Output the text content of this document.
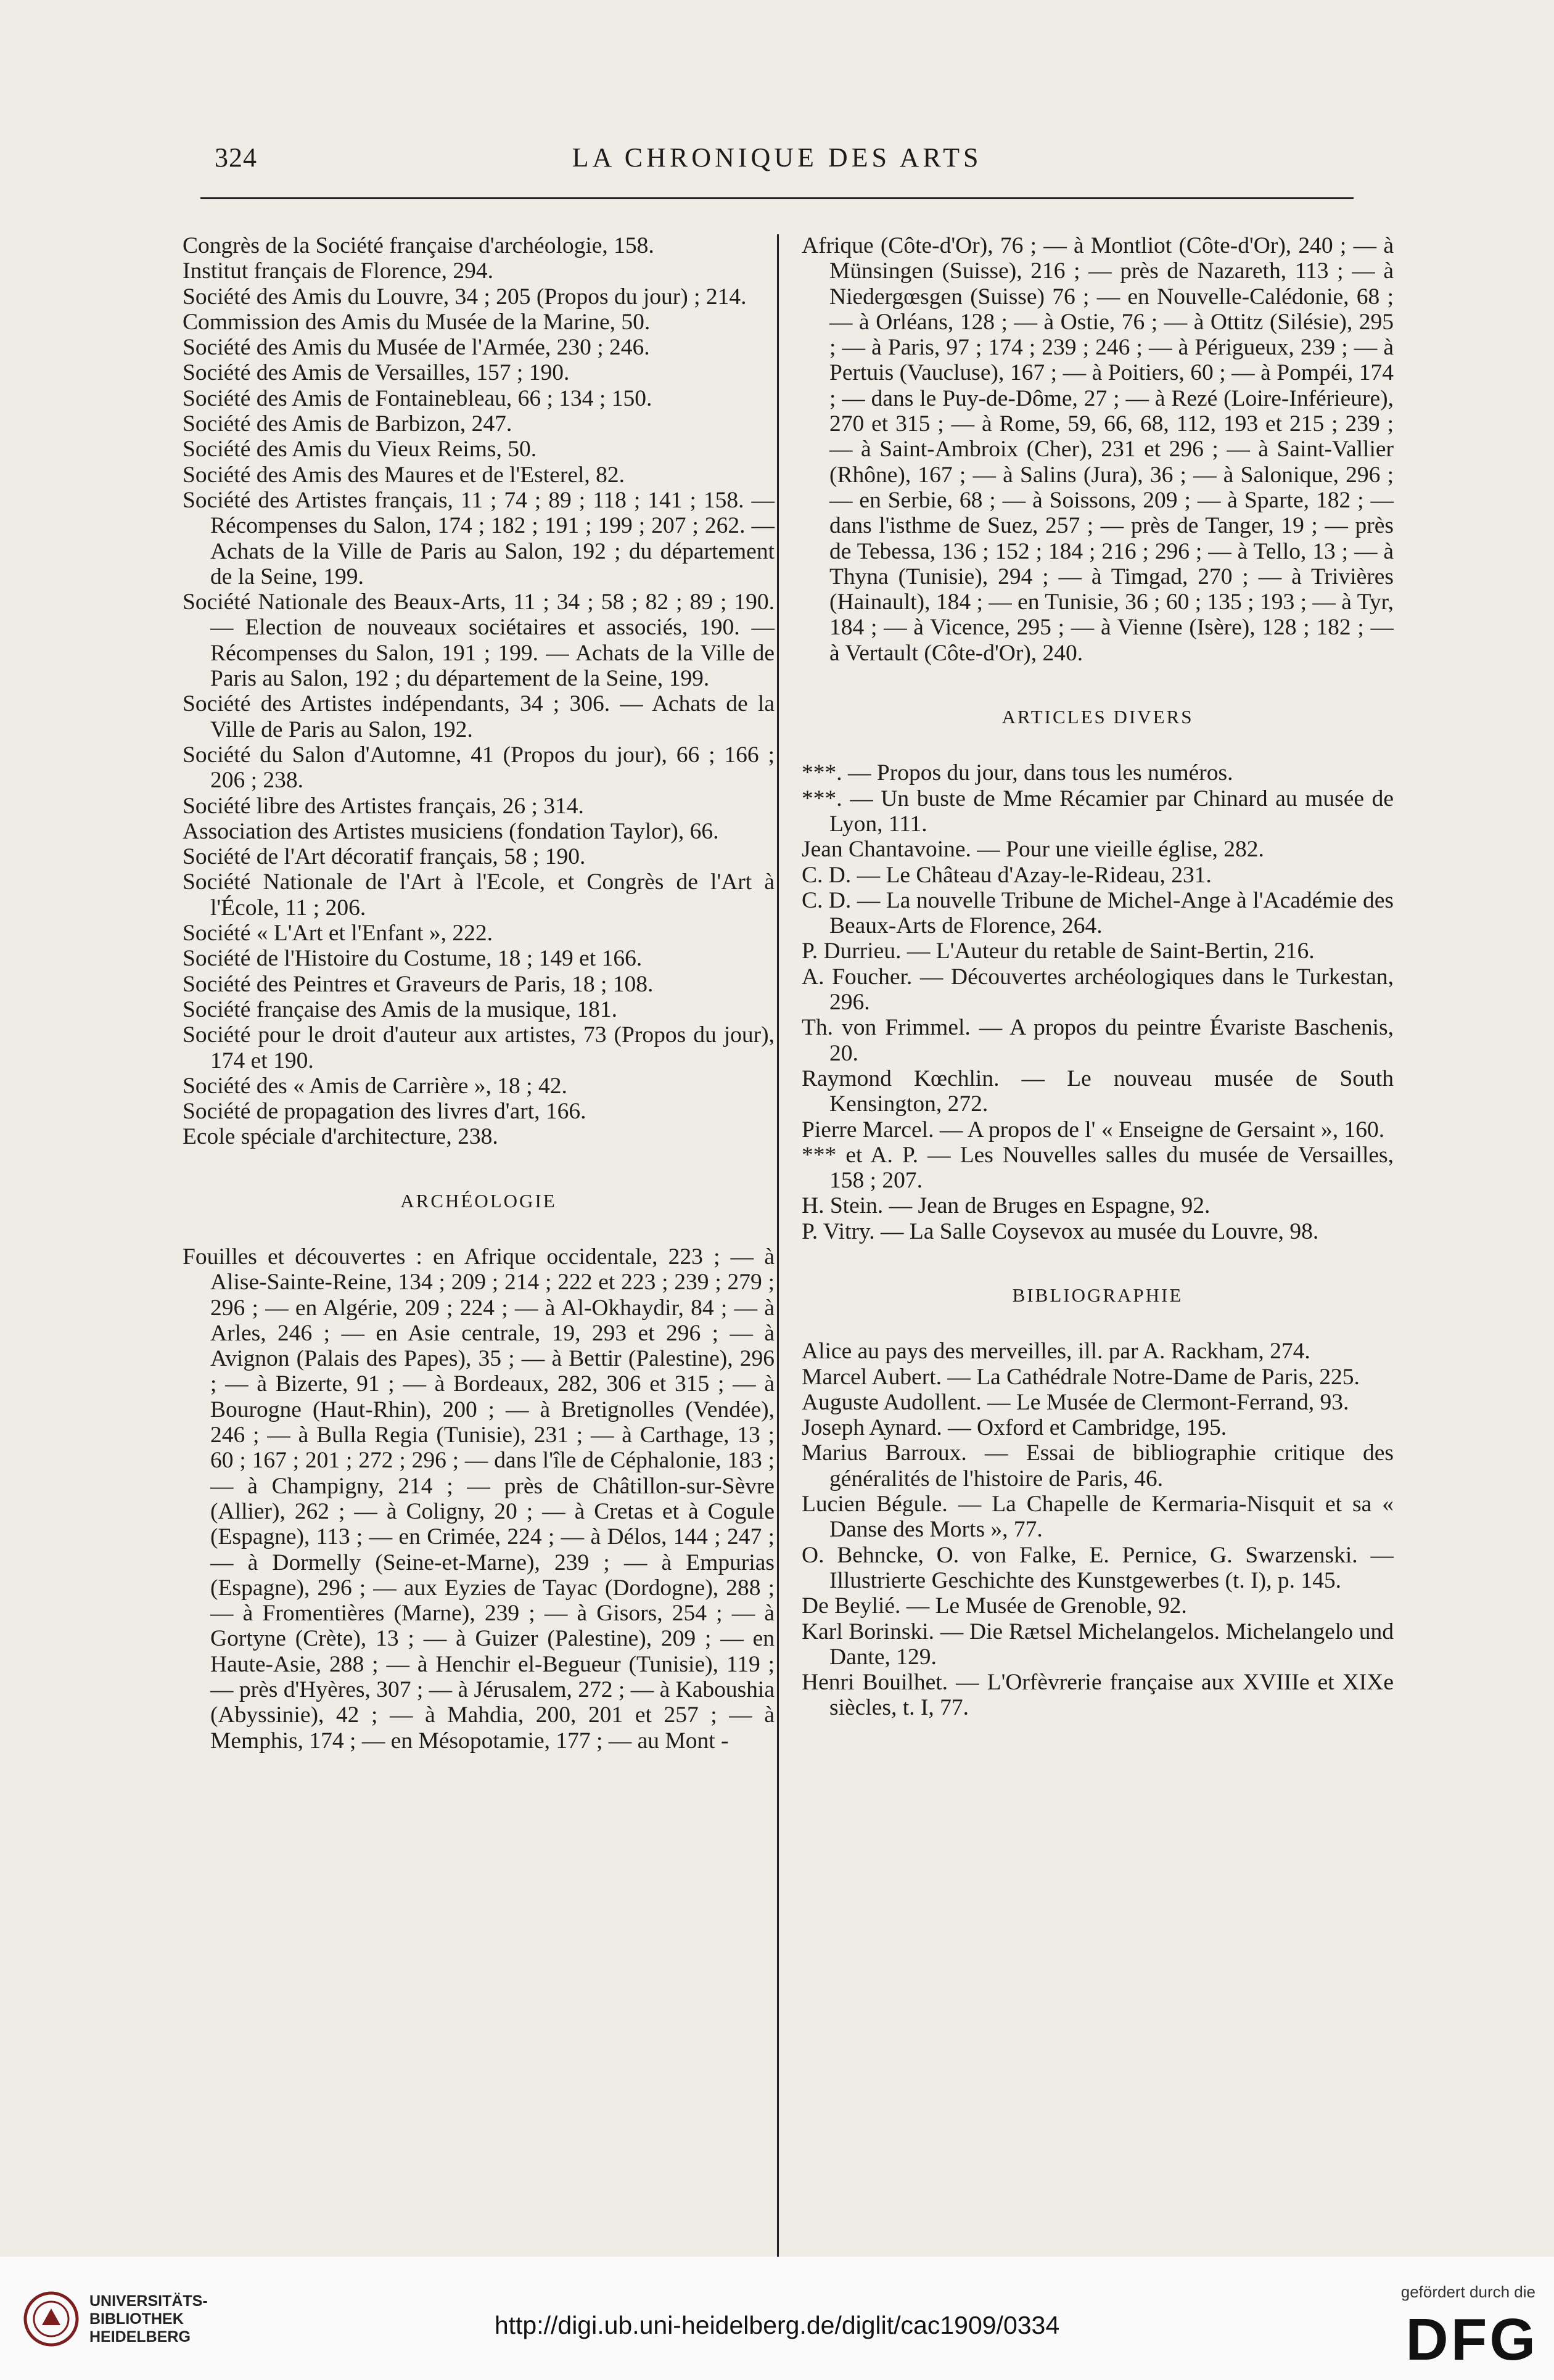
324	LA CHRONIQUE DES ARTS
Congrès de la Société française d'archéologie, 158.
Institut français de Florence, 294.
Société des Amis du Louvre, 34 ; 205 (Propos du jour) ; 214.
Commission des Amis du Musée de la Marine, 50.
Société des Amis du Musée de l'Armée, 230 ; 246.
Société des Amis de Versailles, 157 ; 190.
Société des Amis de Fontainebleau, 66 ; 134 ; 150.
Société des Amis de Barbizon, 247.
Société des Amis du Vieux Reims, 50.
Société des Amis des Maures et de l'Esterel, 82.
Société des Artistes français, 11 ; 74 ; 89 ; 118 ; 141 ; 158. — Récompenses du Salon, 174 ; 182 ; 191 ; 199 ; 207 ; 262. — Achats de la Ville de Paris au Salon, 192 ; du département de la Seine, 199.
Société Nationale des Beaux-Arts, 11 ; 34 ; 58 ; 82 ; 89 ; 190. — Election de nouveaux sociétaires et associés, 190. — Récompenses du Salon, 191 ; 199. — Achats de la Ville de Paris au Salon, 192 ; du département de la Seine, 199.
Société des Artistes indépendants, 34 ; 306. — Achats de la Ville de Paris au Salon, 192.
Société du Salon d'Automne, 41 (Propos du jour), 66 ; 166 ; 206 ; 238.
Société libre des Artistes français, 26 ; 314.
Association des Artistes musiciens (fondation Taylor), 66.
Société de l'Art décoratif français, 58 ; 190.
Société Nationale de l'Art à l'Ecole, et Congrès de l'Art à l'École, 11 ; 206.
Société « L'Art et l'Enfant », 222.
Société de l'Histoire du Costume, 18 ; 149 et 166.
Société des Peintres et Graveurs de Paris, 18 ; 108.
Société française des Amis de la musique, 181.
Société pour le droit d'auteur aux artistes, 73 (Propos du jour), 174 et 190.
Société des « Amis de Carrière », 18 ; 42.
Société de propagation des livres d'art, 166.
Ecole spéciale d'architecture, 238.
ARCHÉOLOGIE
Fouilles et découvertes : en Afrique occidentale, 223 ; — à Alise-Sainte-Reine, 134 ; 209 ; 214 ; 222 et 223 ; 239 ; 279 ; 296 ; — en Algérie, 209 ; 224 ; — à Al-Okhaydir, 84 ; — à Arles, 246 ; — en Asie centrale, 19, 293 et 296 ; — à Avignon (Palais des Papes), 35 ; — à Bettir (Palestine), 296 ; — à Bizerte, 91 ; — à Bordeaux, 282, 306 et 315 ; — à Bourogne (Haut-Rhin), 200 ; — à Bretignolles (Vendée), 246 ; — à Bulla Regia (Tunisie), 231 ; — à Carthage, 13 ; 60 ; 167 ; 201 ; 272 ; 296 ; — dans l'île de Céphalonie, 183 ; — à Champigny, 214 ; — près de Châtillon-sur-Sèvre (Allier), 262 ; — à Coligny, 20 ; — à Cretas et à Cogule (Espagne), 113 ; — en Crimée, 224 ; — à Délos, 144 ; 247 ; — à Dormelly (Seine-et-Marne), 239 ; — à Empurias (Espagne), 296 ; — aux Eyzies de Tayac (Dordogne), 288 ; — à Fromentières (Marne), 239 ; — à Gisors, 254 ; — à Gortyne (Crète), 13 ; — à Guizer (Palestine), 209 ; — en Haute-Asie, 288 ; — à Henchir el-Begueur (Tunisie), 119 ; — près d'Hyères, 307 ; — à Jérusalem, 272 ; — à Kaboushia (Abyssinie), 42 ; — à Mahdia, 200, 201 et 257 ; — à Memphis, 174 ; — en Mésopotamie, 177 ; — au Mont -
Afrique (Côte-d'Or), 76 ; — à Montliot (Côte-d'Or), 240 ; — à Münsingen (Suisse), 216 ; — près de Nazareth, 113 ; — à Niedergœsgen (Suisse) 76 ; — en Nouvelle-Calédonie, 68 ; — à Orléans, 128 ; — à Ostie, 76 ; — à Ottitz (Silésie), 295 ; — à Paris, 97 ; 174 ; 239 ; 246 ; — à Périgueux, 239 ; — à Pertuis (Vaucluse), 167 ; — à Poitiers, 60 ; — à Pompéi, 174 ; — dans le Puy-de-Dôme, 27 ; — à Rezé (Loire-Inférieure), 270 et 315 ; — à Rome, 59, 66, 68, 112, 193 et 215 ; 239 ; — à Saint-Ambroix (Cher), 231 et 296 ; — à Saint-Vallier (Rhône), 167 ; — à Salins (Jura), 36 ; — à Salonique, 296 ; — en Serbie, 68 ; — à Soissons, 209 ; — à Sparte, 182 ; — dans l'isthme de Suez, 257 ; — près de Tanger, 19 ; — près de Tebessa, 136 ; 152 ; 184 ; 216 ; 296 ; — à Tello, 13 ; — à Thyna (Tunisie), 294 ; — à Timgad, 270 ; — à Trivières (Hainault), 184 ; — en Tunisie, 36 ; 60 ; 135 ; 193 ; — à Tyr, 184 ; — à Vicence, 295 ; — à Vienne (Isère), 128 ; 182 ; — à Vertault (Côte-d'Or), 240.
ARTICLES DIVERS
***. — Propos du jour, dans tous les numéros.
***. — Un buste de Mme Récamier par Chinard au musée de Lyon, 111.
Jean Chantavoine. — Pour une vieille église, 282.
C. D. — Le Château d'Azay-le-Rideau, 231.
C. D. — La nouvelle Tribune de Michel-Ange à l'Académie des Beaux-Arts de Florence, 264.
P. Durrieu. — L'Auteur du retable de Saint-Bertin, 216.
A. Foucher. — Découvertes archéologiques dans le Turkestan, 296.
Th. von Frimmel. — A propos du peintre Évariste Baschenis, 20.
Raymond Kœchlin. — Le nouveau musée de South Kensington, 272.
Pierre Marcel. — A propos de l' « Enseigne de Gersaint », 160.
*** et A. P. — Les Nouvelles salles du musée de Versailles, 158 ; 207.
H. Stein. — Jean de Bruges en Espagne, 92.
P. Vitry. — La Salle Coysevox au musée du Louvre, 98.
BIBLIOGRAPHIE
Alice au pays des merveilles, ill. par A. Rackham, 274.
Marcel Aubert. — La Cathédrale Notre-Dame de Paris, 225.
Auguste Audollent. — Le Musée de Clermont-Ferrand, 93.
Joseph Aynard. — Oxford et Cambridge, 195.
Marius Barroux. — Essai de bibliographie critique des généralités de l'histoire de Paris, 46.
Lucien Bégule. — La Chapelle de Kermaria-Nisquit et sa « Danse des Morts », 77.
O. Behncke, O. von Falke, E. Pernice, G. Swarzenski. — Illustrierte Geschichte des Kunstgewerbes (t. I), p. 145.
De Beylié. — Le Musée de Grenoble, 92.
Karl Borinski. — Die Rætsel Michelangelos. Michelangelo und Dante, 129.
Henri Bouilhet. — L'Orfèvrerie française aux XVIIIe et XIXe siècles, t. I, 77.
UNIVERSITÄTS-
BIBLIOTHEK
HEIDELBERG	http://digi.ub.uni-heidelberg.de/diglit/cac1909/0334
gefördert durch die
DFG
